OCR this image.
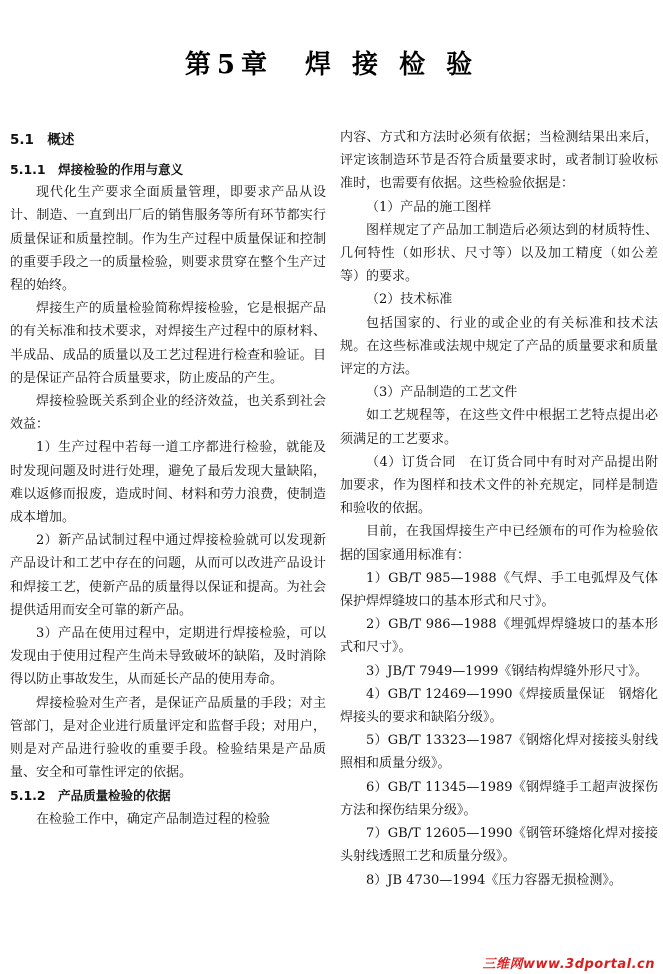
第5章　焊 接 检 验
5.1　概述
5.1.1　焊接检验的作用与意义

现代化生产要求全面质量管理，即要求产品从设计、制造、一直到出厂后的销售服务等所有环节都实行质量保证和质量控制。作为生产过程中质量保证和控制的重要手段之一的质量检验，则要求贯穿在整个生产过程的始终。

焊接生产的质量检验简称焊接检验，它是根据产品的有关标准和技术要求，对焊接生产过程中的原材料、半成品、成品的质量以及工艺过程进行检查和验证。目的是保证产品符合质量要求，防止废品的产生。

焊接检验既关系到企业的经济效益，也关系到社会效益：

1）生产过程中若每一道工序都进行检验，就能及时发现问题及时进行处理，避免了最后发现大量缺陷，难以返修而报废，造成时间、材料和劳力浪费，使制造成本增加。

2）新产品试制过程中通过焊接检验就可以发现新产品设计和工艺中存在的问题，从而可以改进产品设计和焊接工艺，使新产品的质量得以保证和提高。为社会提供适用而安全可靠的新产品。

3）产品在使用过程中，定期进行焊接检验，可以发现由于使用过程产生尚未导致破坏的缺陷，及时消除得以防止事故发生，从而延长产品的使用寿命。

焊接检验对生产者，是保证产品质量的手段；对主管部门，是对企业进行质量评定和监督手段；对用户，则是对产品进行验收的重要手段。检验结果是产品质量、安全和可靠性评定的依据。

5.1.2　产品质量检验的依据

在检验工作中，确定产品制造过程的检验

内容、方式和方法时必须有依据；当检测结果出来后，评定该制造环节是否符合质量要求时，或者制订验收标准时，也需要有依据。这些检验依据是：

（1）产品的施工图样

图样规定了产品加工制造后必须达到的材质特性、几何特性（如形状、尺寸等）以及加工精度（如公差等）的要求。

（2）技术标准

包括国家的、行业的或企业的有关标准和技术法规。在这些标准或法规中规定了产品的质量要求和质量评定的方法。

（3）产品制造的工艺文件

如工艺规程等，在这些文件中根据工艺特点提出必须满足的工艺要求。

（4）订货合同　 在订货合同中有时对产品提出附加要求，作为图样和技术文件的补充规定，同样是制造和验收的依据。

目前，在我国焊接生产中已经颁布的可作为检验依据的国家通用标准有：

1）GB/T 985—1988《气焊、手工电弧焊及气体保护焊焊缝坡口的基本形式和尺寸》。

2）GB/T 986—1988《埋弧焊焊缝坡口的基本形式和尺寸》。

3）JB/T 7949—1999《钢结构焊缝外形尺寸》。

4）GB/T 12469—1990《焊接质量保证　钢熔化焊接头的要求和缺陷分级》。

5）GB/T 13323—1987《钢熔化焊对接接头射线照相和质量分级》。

6）GB/T 11345—1989《钢焊缝手工超声波探伤方法和探伤结果分级》。

7）GB/T 12605—1990《钢管环缝熔化焊对接接头射线透照工艺和质量分级》。

8）JB 4730—1994《压力容器无损检测》。

三维网www.3dportal.cn
